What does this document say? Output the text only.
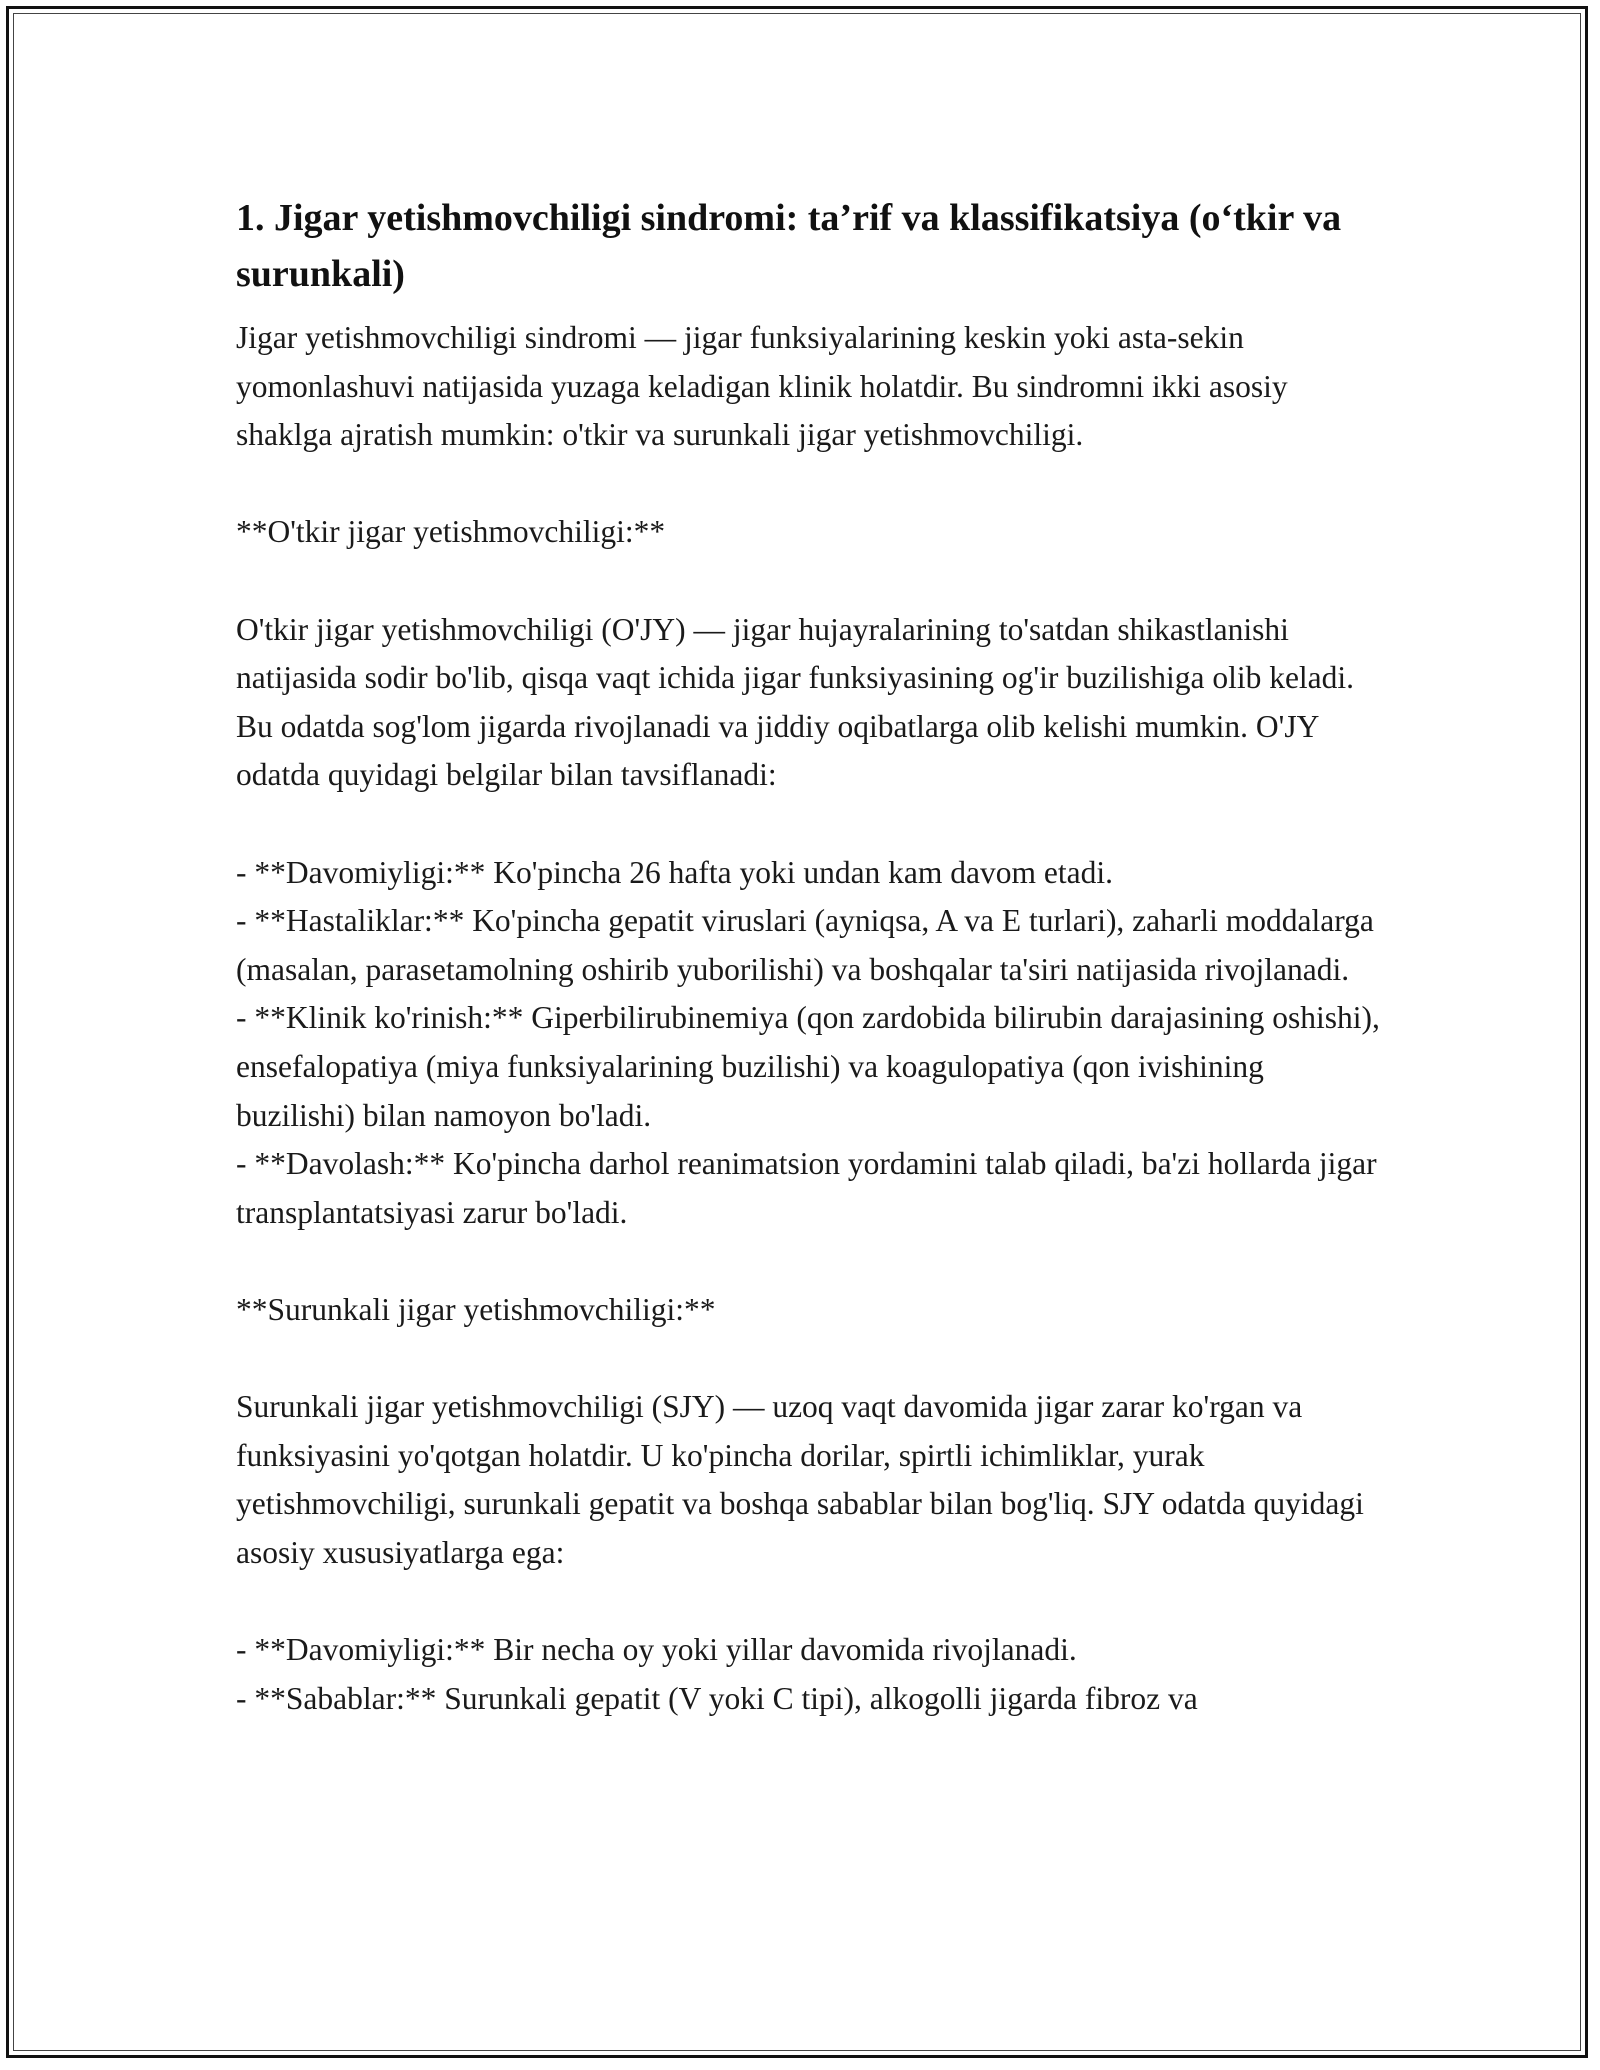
1. Jigar yetishmovchiligi sindromi: ta’rif va klassifikatsiya (o‘tkir va surunkali)

Jigar yetishmovchiligi sindromi — jigar funksiyalarining keskin yoki asta-sekin yomonlashuvi natijasida yuzaga keladigan klinik holatdir. Bu sindromni ikki asosiy shaklga ajratish mumkin: o'tkir va surunkali jigar yetishmovchiligi.

**O'tkir jigar yetishmovchiligi:**

O'tkir jigar yetishmovchiligi (O'JY) — jigar hujayralarining to'satdan shikastlanishi natijasida sodir bo'lib, qisqa vaqt ichida jigar funksiyasining og'ir buzilishiga olib keladi. Bu odatda sog'lom jigarda rivojlanadi va jiddiy oqibatlarga olib kelishi mumkin. O'JY odatda quyidagi belgilar bilan tavsiflanadi:

- **Davomiyligi:** Ko'pincha 26 hafta yoki undan kam davom etadi.

- **Hastaliklar:** Ko'pincha gepatit viruslari (ayniqsa, A va E turlari), zaharli moddalarga (masalan, parasetamolning oshirib yuborilishi) va boshqalar ta'siri natijasida rivojlanadi.

- **Klinik ko'rinish:** Giperbilirubinemiya (qon zardobida bilirubin darajasining oshishi), ensefalopatiya (miya funksiyalarining buzilishi) va koagulopatiya (qon ivishining buzilishi) bilan namoyon bo'ladi.

- **Davolash:** Ko'pincha darhol reanimatsion yordamini talab qiladi, ba'zi hollarda jigar transplantatsiyasi zarur bo'ladi.

**Surunkali jigar yetishmovchiligi:**

Surunkali jigar yetishmovchiligi (SJY) — uzoq vaqt davomida jigar zarar ko'rgan va funksiyasini yo'qotgan holatdir. U ko'pincha dorilar, spirtli ichimliklar, yurak yetishmovchiligi, surunkali gepatit va boshqa sabablar bilan bog'liq. SJY odatda quyidagi asosiy xususiyatlarga ega:

- **Davomiyligi:** Bir necha oy yoki yillar davomida rivojlanadi.

- **Sabablar:** Surunkali gepatit (V yoki C tipi), alkogolli jigarda fibroz va
